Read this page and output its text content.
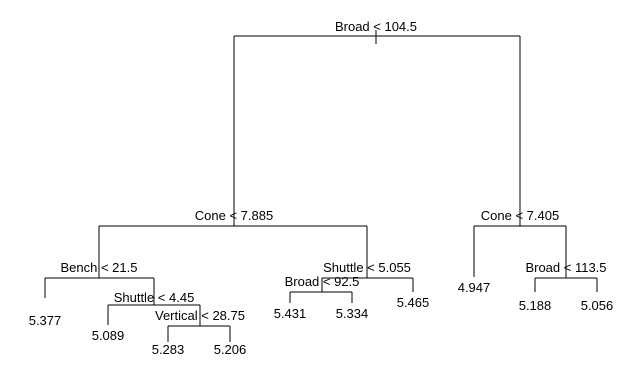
Broad < 104.5
Cone < 7.885
Bench < 21.5
5.377
Shuttle < 4.45
5.089
Vertical < 28.75
5.283 5.206
Shuttle < 5.055
Broad < 92.5
5.431 5.334
5.465
Cone < 7.405
4.947
Broad < 113.5
5.188 5.056
